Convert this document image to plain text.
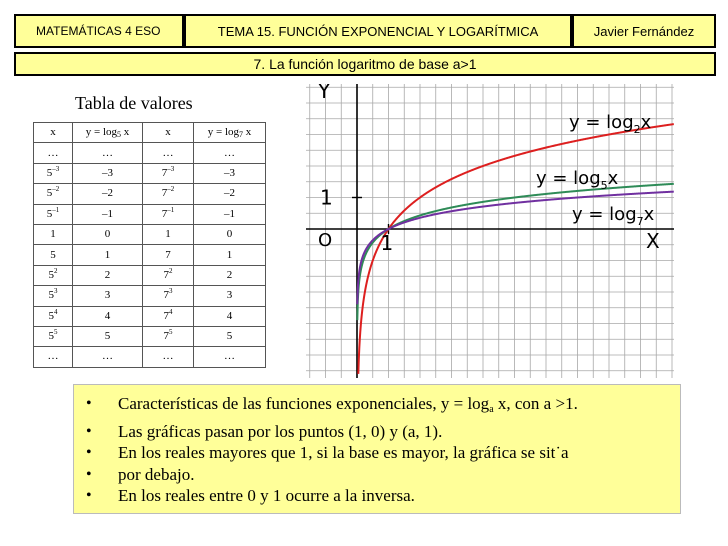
MATEMÁTICAS 4 ESO	TEMA 15. FUNCIÓN EXPONENCIAL Y LOGARÍTMICA	Javier Fernández
7. La función logaritmo de base a>1
Tabla de valores
x	$y = \log_5 x$	x	$y = \log_7 x$
…	…	…	…
$5^{-3}$	–3	$7^{-3}$	–3
$5^{-2}$	–2	$7^{-2}$	–2
$5^{-1}$	–1	$7^{-1}$	–1
1	0	1	0
5	1	7	1
$5^2$	2	$7^2$	2
$5^3$	3	$7^3$	3
$5^4$	4	$7^4$	4
$5^5$	5	$7^5$	5
…	…	…	…
Y
X
O
1
1
$y = \log_2x$
$y = \log_5x$
$y = \log_7x$
• Características de las funciones exponenciales, y = loga x, con a >1.
• Las gráficas pasan por los puntos (1, 0) y (a, 1).
• En los reales mayores que 1, si la base es mayor, la gráfica se sit˙a
• por debajo.
• En los reales entre 0 y 1 ocurre a la inversa.
